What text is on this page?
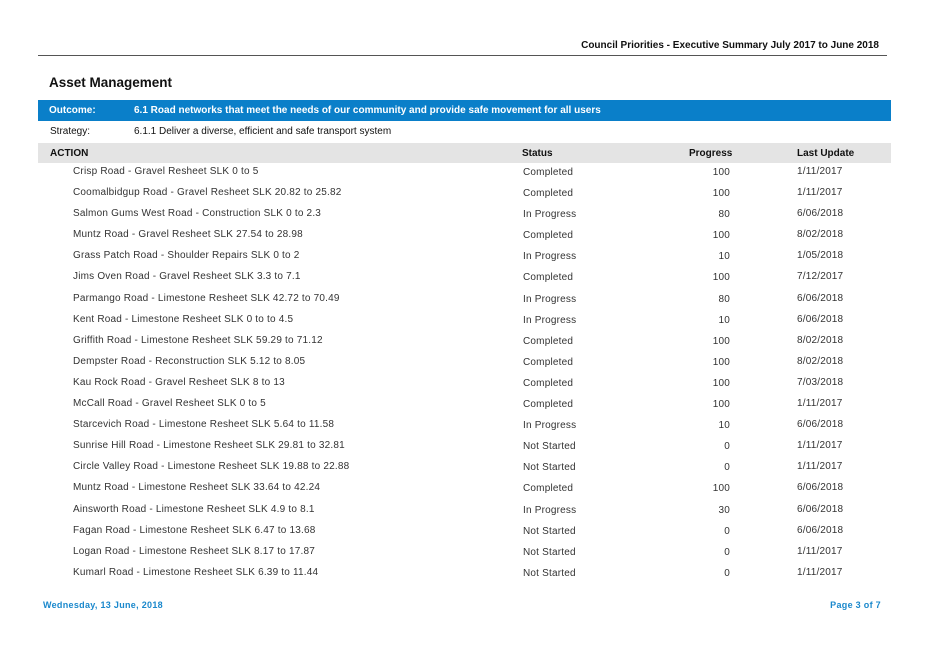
Council Priorities - Executive Summary July 2017 to June 2018
Asset Management
Outcome:	6.1 Road networks that meet the needs of our community and provide safe movement for all users
Strategy:	6.1.1 Deliver a diverse, efficient and safe transport system
ACTION	Status	Progress	Last Update
Crisp Road - Gravel Resheet SLK 0 to 5	Completed	100	1/11/2017
Coomalbidgup Road - Gravel Resheet SLK 20.82 to 25.82	Completed	100	1/11/2017
Salmon Gums West Road - Construction SLK 0 to 2.3	In Progress	80	6/06/2018
Muntz Road - Gravel Resheet SLK 27.54 to 28.98	Completed	100	8/02/2018
Grass Patch Road - Shoulder Repairs SLK 0 to 2	In Progress	10	1/05/2018
Jims Oven Road - Gravel Resheet SLK 3.3 to 7.1	Completed	100	7/12/2017
Parmango Road - Limestone Resheet SLK 42.72 to 70.49	In Progress	80	6/06/2018
Kent Road - Limestone Resheet SLK 0 to to 4.5	In Progress	10	6/06/2018
Griffith Road - Limestone Resheet SLK 59.29 to 71.12	Completed	100	8/02/2018
Dempster Road - Reconstruction SLK 5.12 to 8.05	Completed	100	8/02/2018
Kau Rock Road - Gravel Resheet SLK 8 to 13	Completed	100	7/03/2018
McCall Road - Gravel Resheet SLK 0 to 5	Completed	100	1/11/2017
Starcevich Road - Limestone Resheet SLK 5.64 to 11.58	In Progress	10	6/06/2018
Sunrise Hill Road - Limestone Resheet SLK 29.81 to 32.81	Not Started	0	1/11/2017
Circle Valley Road - Limestone Resheet SLK 19.88 to 22.88	Not Started	0	1/11/2017
Muntz Road - Limestone Resheet SLK 33.64 to 42.24	Completed	100	6/06/2018
Ainsworth Road - Limestone Resheet SLK 4.9 to 8.1	In Progress	30	6/06/2018
Fagan Road - Limestone Resheet SLK 6.47 to 13.68	Not Started	0	6/06/2018
Logan Road - Limestone Resheet SLK 8.17 to 17.87	Not Started	0	1/11/2017
Kumarl Road - Limestone Resheet SLK 6.39 to 11.44	Not Started	0	1/11/2017
Wednesday, 13 June, 2018	Page 3 of 7
